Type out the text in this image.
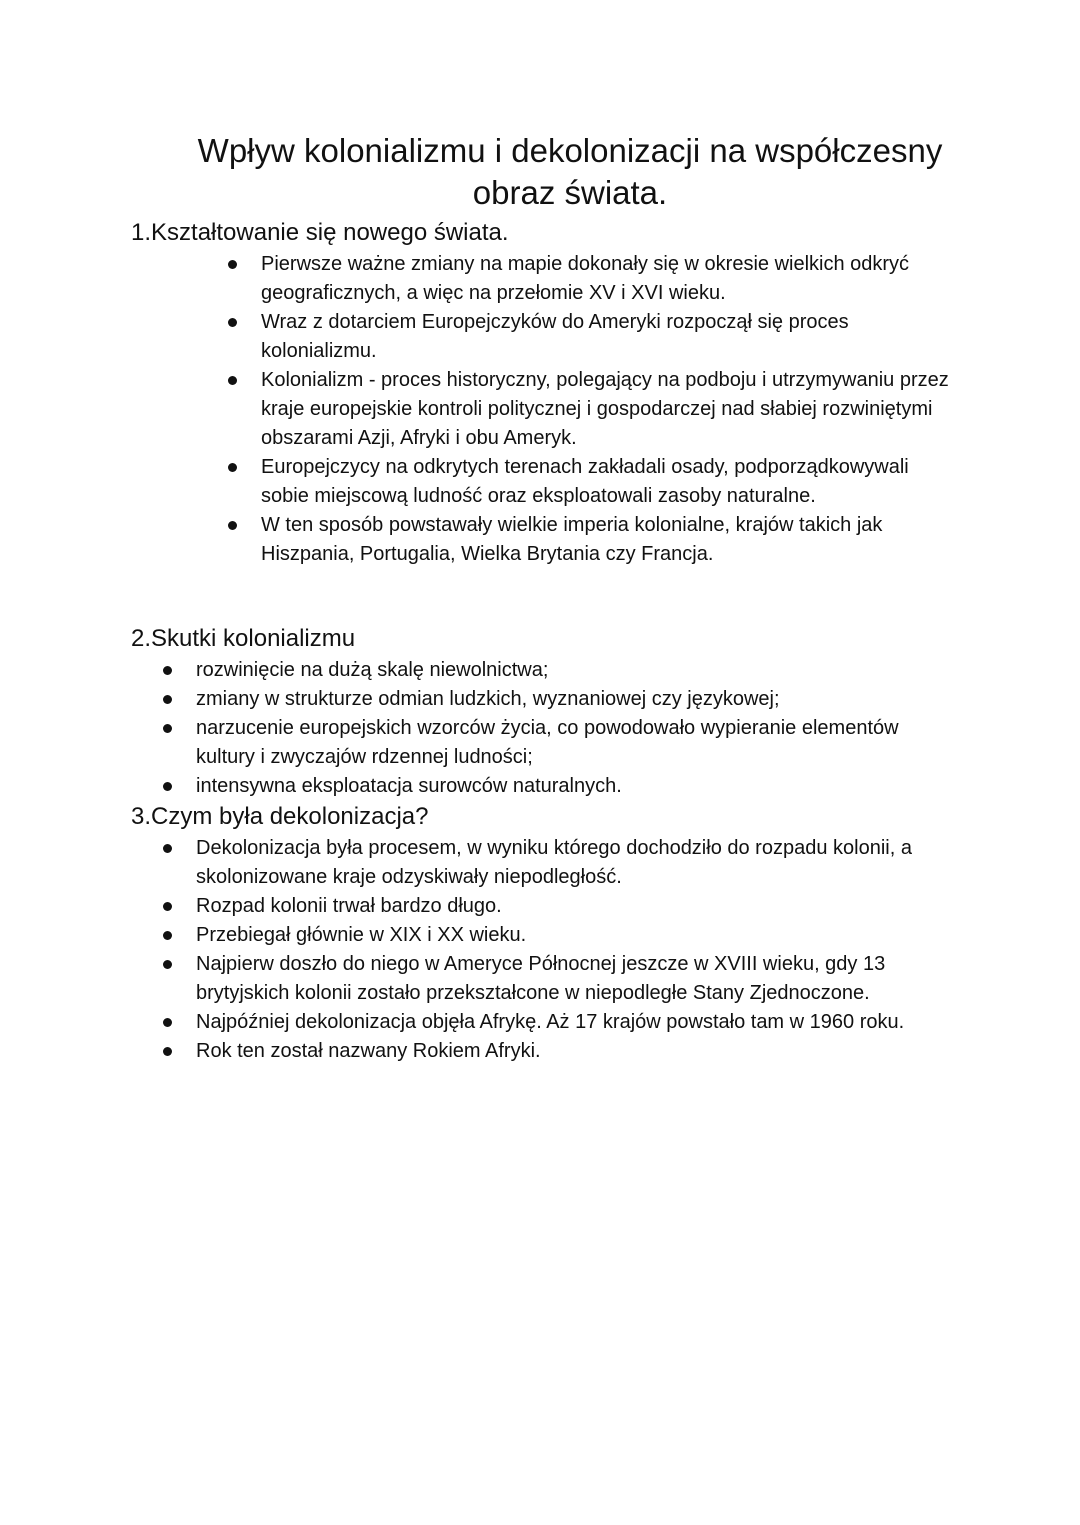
Wpływ kolonializmu i dekolonizacji na współczesny
obraz świata.
1.Kształtowanie się nowego świata.
Pierwsze ważne zmiany na mapie dokonały się w okresie wielkich odkryć geograficznych, a więc na przełomie XV i XVI wieku.
Wraz z dotarciem Europejczyków do Ameryki rozpoczął się proces kolonializmu.
Kolonializm - proces historyczny, polegający na podboju i utrzymywaniu przez kraje europejskie kontroli politycznej i gospodarczej nad słabiej rozwiniętymi obszarami Azji, Afryki i obu Ameryk.
Europejczycy na odkrytych terenach zakładali osady, podporządkowywali sobie miejscową ludność oraz eksploatowali zasoby naturalne.
W ten sposób powstawały wielkie imperia kolonialne, krajów takich jak Hiszpania, Portugalia, Wielka Brytania czy Francja.
2.Skutki kolonializmu
rozwinięcie na dużą skalę niewolnictwa;
zmiany w strukturze odmian ludzkich, wyznaniowej czy językowej;
narzucenie europejskich wzorców życia, co powodowało wypieranie elementów kultury i zwyczajów rdzennej ludności;
intensywna eksploatacja surowców naturalnych.
3.Czym była dekolonizacja?
Dekolonizacja była procesem, w wyniku którego dochodziło do rozpadu kolonii, a skolonizowane kraje odzyskiwały niepodległość.
Rozpad kolonii trwał bardzo długo.
Przebiegał głównie w XIX i XX wieku.
Najpierw doszło do niego w Ameryce Północnej jeszcze w XVIII wieku, gdy 13 brytyjskich kolonii zostało przekształcone w niepodległe Stany Zjednoczone.
Najpóźniej dekolonizacja objęła Afrykę. Aż 17 krajów powstało tam w 1960 roku.
Rok ten został nazwany Rokiem Afryki.
